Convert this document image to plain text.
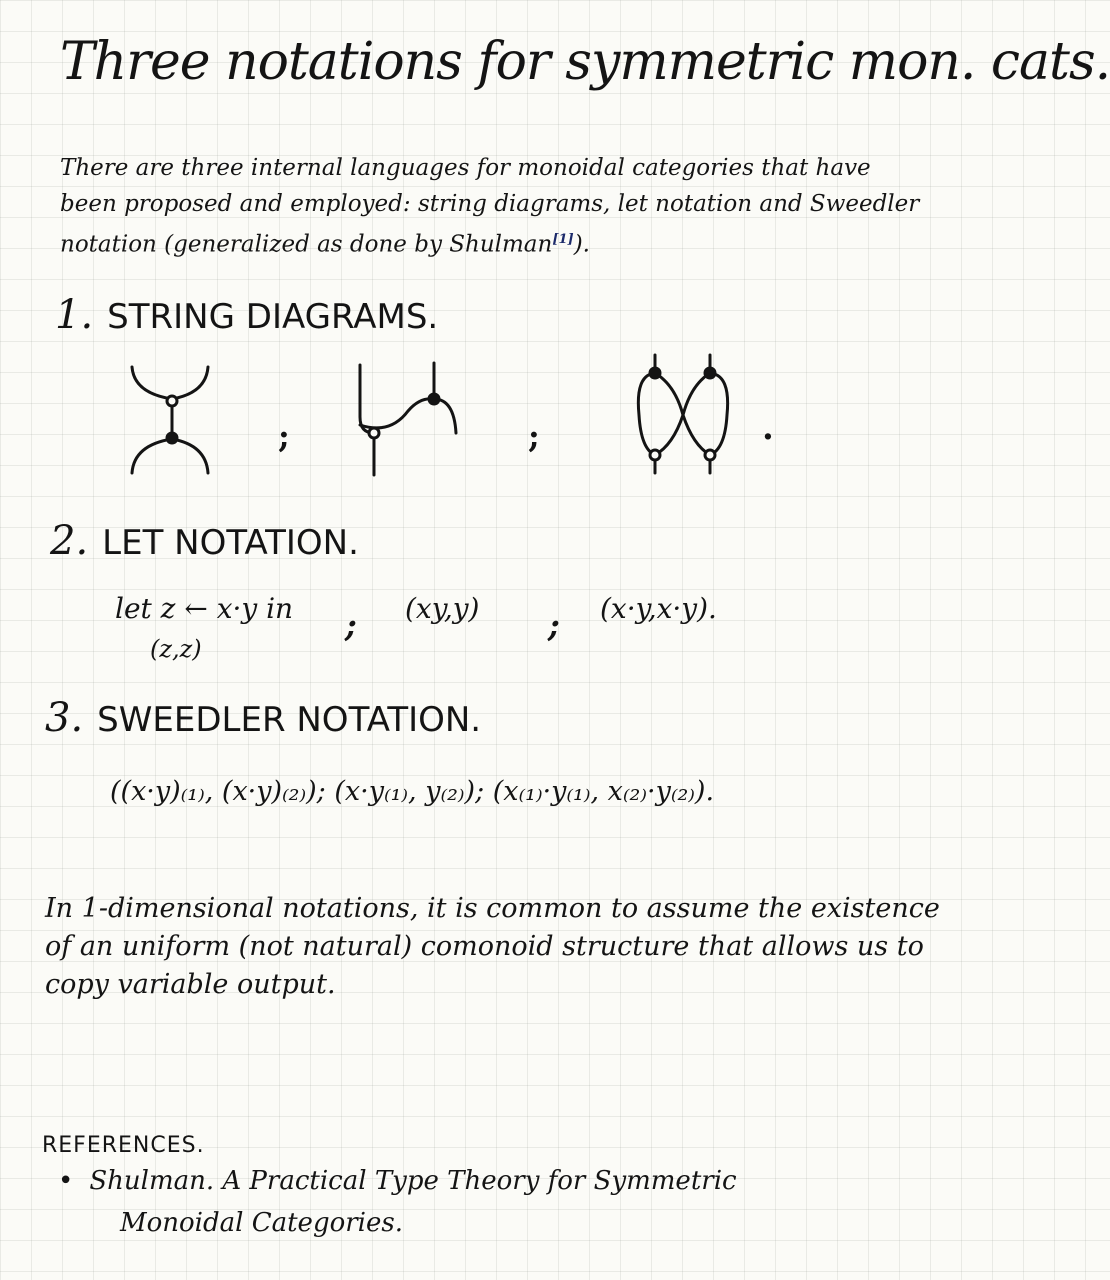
Three notations for symmetric mon. cats.
There are three internal languages for monoidal categories that have been proposed and employed: string diagrams, let notation and Sweedler notation (generalized as done by Shulman[1]).
1. STRING DIAGRAMS.
;	;	.
2. LET NOTATION.
let z ← x·y in
(z,z)
; (xy,y) ; (x·y,x·y).
3. SWEEDLER NOTATION.
((x·y)₍₁₎, (x·y)₍₂₎); (x·y₍₁₎, y₍₂₎); (x₍₁₎·y₍₁₎, x₍₂₎·y₍₂₎).
In 1-dimensional notations, it is common to assume the existence of an uniform (not natural) comonoid structure that allows us to copy variable output.
REFERENCES.
• Shulman. A Practical Type Theory for Symmetric
Monoidal Categories.
